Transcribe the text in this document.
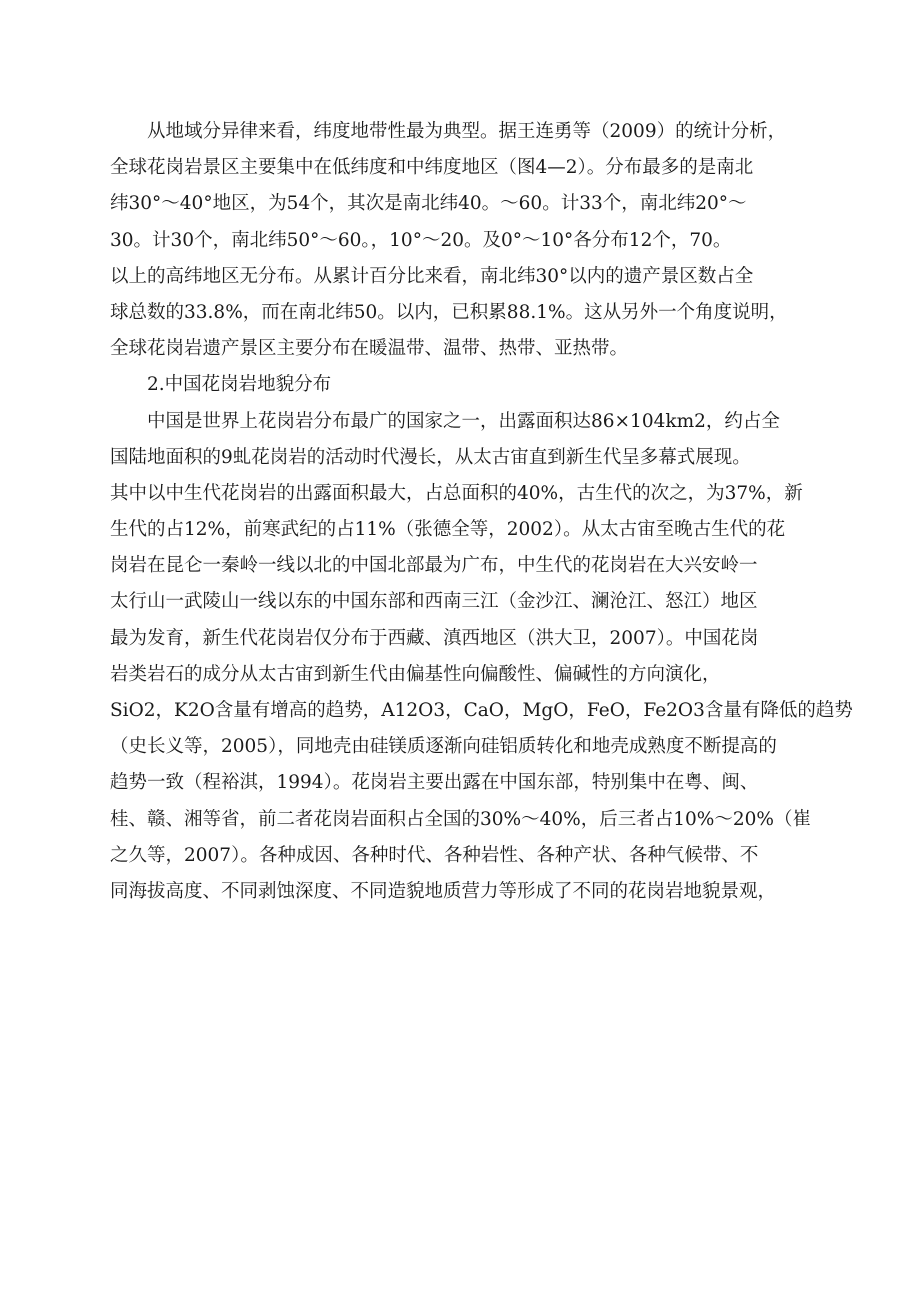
从地域分异律来看，纬度地带性最为典型。据王连勇等（2009）的统计分析，
全球花岗岩景区主要集中在低纬度和中纬度地区（图4—2）。分布最多的是南北
纬30°～40°地区，为54个，其次是南北纬40。～60。计33个，南北纬20°～
30。计30个，南北纬50°～60。，10°～20。及0°～10°各分布12个，70。
以上的高纬地区无分布。从累计百分比来看，南北纬30°以内的遗产景区数占全
球总数的33.8%，而在南北纬50。以内，已积累88.1%。这从另外一个角度说明，
全球花岗岩遗产景区主要分布在暖温带、温带、热带、亚热带。
2.中国花岗岩地貌分布
中国是世界上花岗岩分布最广的国家之一，出露面积达86×104km2，约占全
国陆地面积的9虬花岗岩的活动时代漫长，从太古宙直到新生代呈多幕式展现。
其中以中生代花岗岩的出露面积最大，占总面积的40%，古生代的次之，为37%，新
生代的占12%，前寒武纪的占11%（张德全等，2002）。从太古宙至晚古生代的花
岗岩在昆仑一秦岭一线以北的中国北部最为广布，中生代的花岗岩在大兴安岭一
太行山一武陵山一线以东的中国东部和西南三江（金沙江、澜沧江、怒江）地区
最为发育，新生代花岗岩仅分布于西藏、滇西地区（洪大卫，2007）。中国花岗
岩类岩石的成分从太古宙到新生代由偏基性向偏酸性、偏碱性的方向演化，
SiO2，K2O含量有增高的趋势，A12O3，CaO，MgO，FeO，Fe2O3含量有降低的趋势
（史长义等，2005），同地壳由硅镁质逐渐向硅铝质转化和地壳成熟度不断提高的
趋势一致（程裕淇，1994）。花岗岩主要出露在中国东部，特别集中在粤、闽、
桂、赣、湘等省，前二者花岗岩面积占全国的30%～40%，后三者占10%～20%（崔
之久等，2007）。各种成因、各种时代、各种岩性、各种产状、各种气候带、不
同海拔高度、不同剥蚀深度、不同造貌地质营力等形成了不同的花岗岩地貌景观，
